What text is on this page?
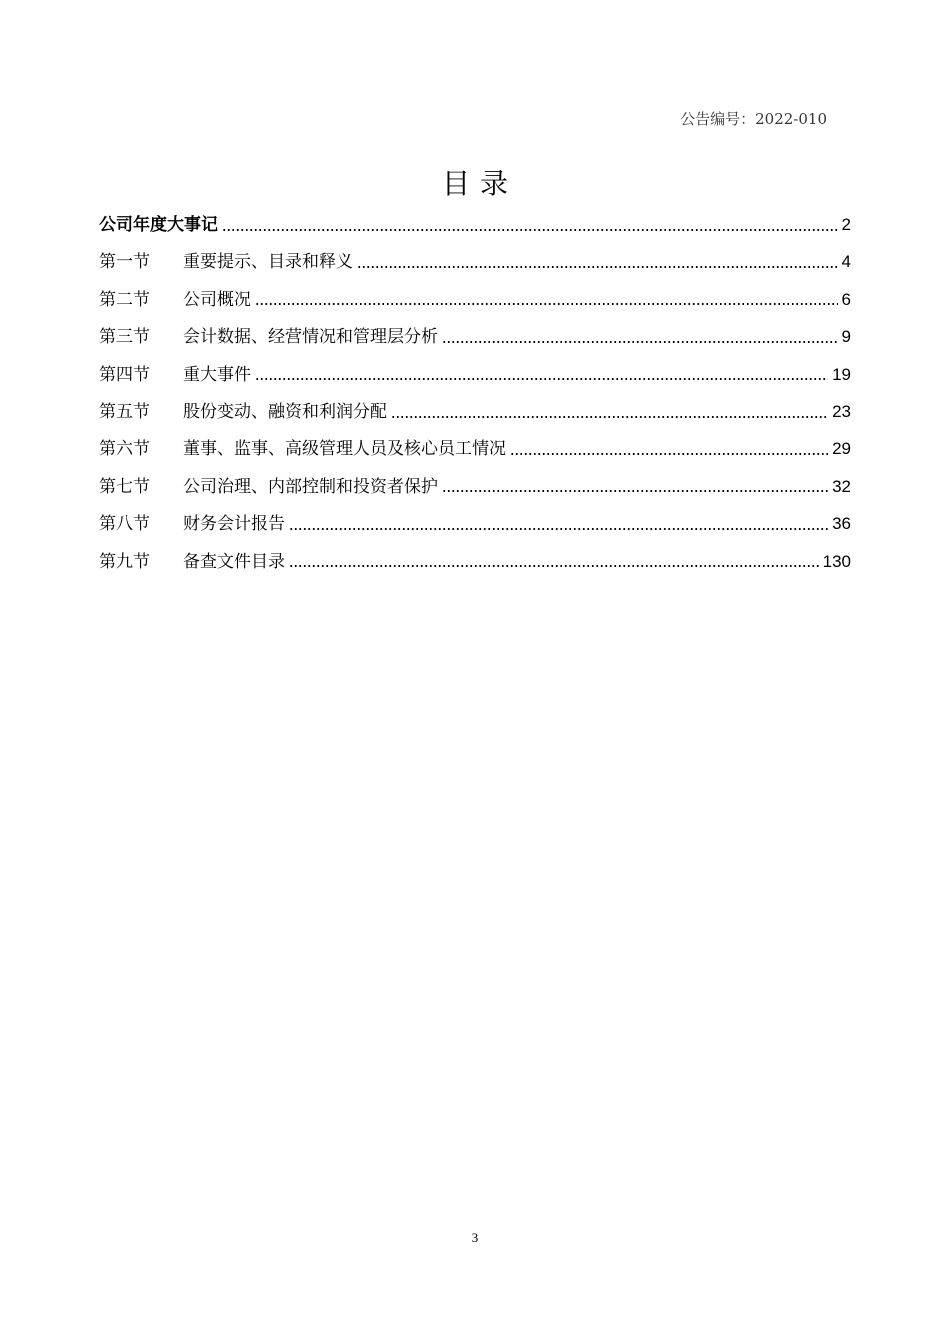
公告编号：2022-010
目录
公司年度大事记	2
第一节	重要提示、目录和释义	4
第二节	公司概况	6
第三节	会计数据、经营情况和管理层分析	9
第四节	重大事件	19
第五节	股份变动、融资和利润分配	23
第六节	董事、监事、高级管理人员及核心员工情况	29
第七节	公司治理、内部控制和投资者保护	32
第八节	财务会计报告	36
第九节	备查文件目录	130
3
